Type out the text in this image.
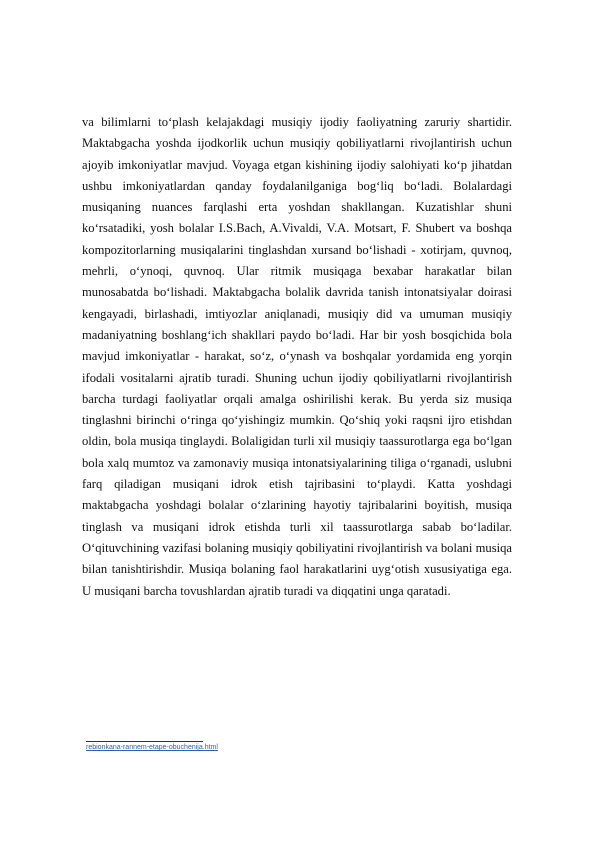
va bilimlarni to‘plash kelajakdagi musiqiy ijodiy faoliyatning zaruriy shartidir. Maktabgacha yoshda ijodkorlik uchun musiqiy qobiliyatlarni rivojlantirish uchun ajoyib imkoniyatlar mavjud. Voyaga etgan kishining ijodiy salohiyati ko‘p jihatdan ushbu imkoniyatlardan qanday foydalanilganiga bog‘liq bo‘ladi. Bolalardagi musiqaning nuances farqlashi erta yoshdan shakllangan. Kuzatishlar shuni ko‘rsatadiki, yosh bolalar I.S.Bach, A.Vivaldi, V.A. Motsart, F. Shubert va boshqa kompozitorlarning musiqalarini tinglashdan xursand bo‘lishadi - xotirjam, quvnoq, mehrli, o‘ynoqi, quvnoq. Ular ritmik musiqaga bexabar harakatlar bilan munosabatda bo‘lishadi. Maktabgacha bolalik davrida tanish intonatsiyalar doirasi kengayadi, birlashadi, imtiyozlar aniqlanadi, musiqiy did va umuman musiqiy madaniyatning boshlang‘ich shakllari paydo bo‘ladi. Har bir yosh bosqichida bola mavjud imkoniyatlar - harakat, so‘z, o‘ynash va boshqalar yordamida eng yorqin ifodali vositalarni ajratib turadi. Shuning uchun ijodiy qobiliyatlarni rivojlantirish barcha turdagi faoliyatlar orqali amalga oshirilishi kerak. Bu yerda siz musiqa tinglashni birinchi o‘ringa qo‘yishingiz mumkin. Qo‘shiq yoki raqsni ijro etishdan oldin, bola musiqa tinglaydi. Bolaligidan turli xil musiqiy taassurotlarga ega bo‘lgan bola xalq mumtoz va zamonaviy musiqa intonatsiyalarining tiliga o‘rganadi, uslubni farq qiladigan musiqani idrok etish tajribasini to‘playdi. Katta yoshdagi maktabgacha yoshdagi bolalar o‘zlarining hayotiy tajribalarini boyitish, musiqa tinglash va musiqani idrok etishda turli xil taassurotlarga sabab bo‘ladilar. O‘qituvchining vazifasi bolaning musiqiy qobiliyatini rivojlantirish va bolani musiqa bilan tanishtirishdir. Musiqa bolaning faol harakatlarini uyg‘otish xususiyatiga ega. U musiqani barcha tovushlardan ajratib turadi va diqqatini unga qaratadi.

rebionkana-rannem-etape-obuchenija.html
